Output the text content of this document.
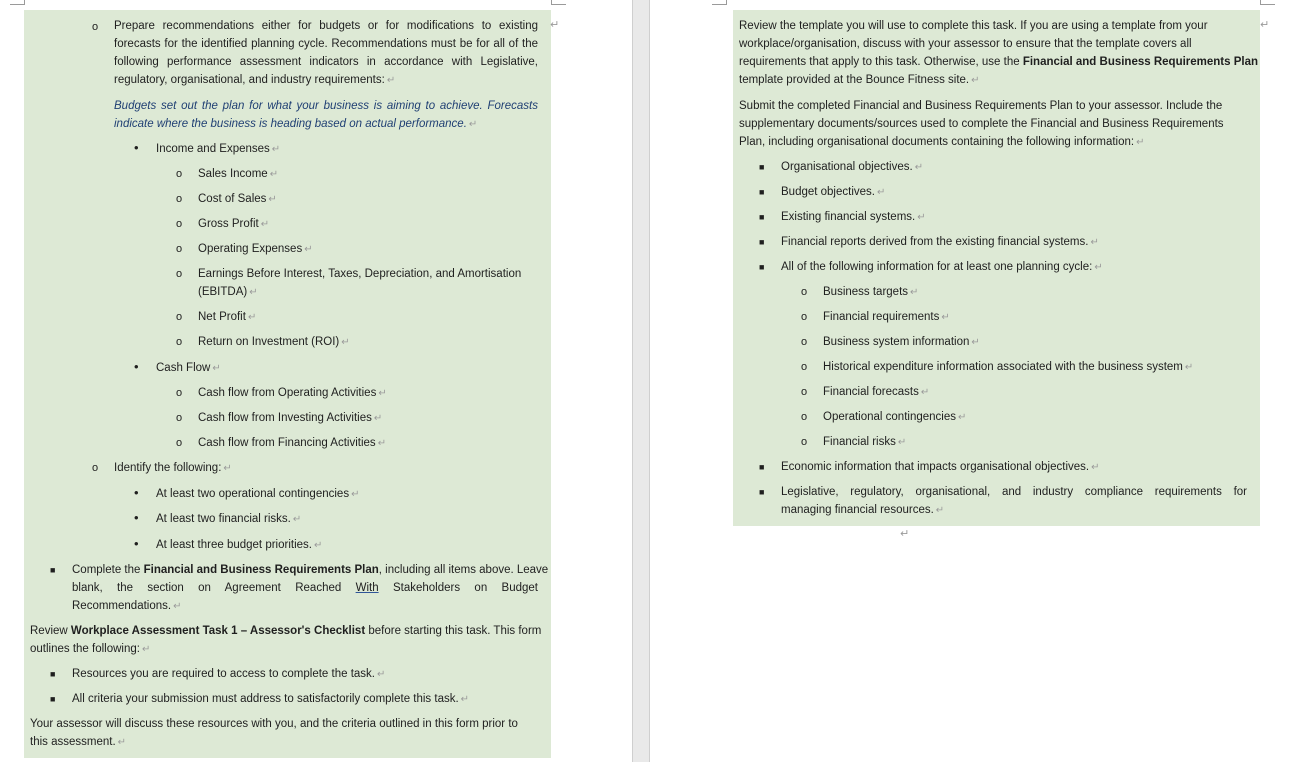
o Prepare recommendations either for budgets or for modifications to existing forecasts for the identified planning cycle. Recommendations must be for all of the following performance assessment indicators in accordance with Legislative, regulatory, organisational, and industry requirements: ↵
↵
Budgets set out the plan for what your business is aiming to achieve. Forecasts indicate where the business is heading based on actual performance. ↵
• Income and Expenses ↵
o Sales Income ↵
o Cost of Sales ↵
o Gross Profit ↵
o Operating Expenses ↵
o Earnings Before Interest, Taxes, Depreciation, and Amortisation
(EBITDA) ↵
o Net Profit ↵
o Return on Investment (ROI) ↵
• Cash Flow ↵
o Cash flow from Operating Activities ↵
o Cash flow from Investing Activities ↵
o Cash flow from Financing Activities ↵
o Identify the following: ↵
• At least two operational contingencies ↵
• At least two financial risks. ↵
• At least three budget priorities. ↵
■ Complete the Financial and Business Requirements Plan, including all items above. Leave
blank, the section on Agreement Reached With Stakeholders on Budget
Recommendations. ↵
Review Workplace Assessment Task 1 – Assessor's Checklist before starting this task. This form
outlines the following: ↵
■ Resources you are required to access to complete the task. ↵
■ All criteria your submission must address to satisfactorily complete this task. ↵
Your assessor will discuss these resources with you, and the criteria outlined in this form prior to
this assessment. ↵
Review the template you will use to complete this task. If you are using a template from your
workplace/organisation, discuss with your assessor to ensure that the template covers all
requirements that apply to this task. Otherwise, use the Financial and Business Requirements Plan
template provided at the Bounce Fitness site. ↵
↵
Submit the completed Financial and Business Requirements Plan to your assessor. Include the
supplementary documents/sources used to complete the Financial and Business Requirements
Plan, including organisational documents containing the following information: ↵
■ Organisational objectives. ↵
■ Budget objectives. ↵
■ Existing financial systems. ↵
■ Financial reports derived from the existing financial systems. ↵
■ All of the following information for at least one planning cycle: ↵
o Business targets ↵
o Financial requirements ↵
o Business system information ↵
o Historical expenditure information associated with the business system ↵
o Financial forecasts ↵
o Operational contingencies ↵
o Financial risks ↵
■ Economic information that impacts organisational objectives. ↵
■ Legislative, regulatory, organisational, and industry compliance requirements for
managing financial resources. ↵
↵
